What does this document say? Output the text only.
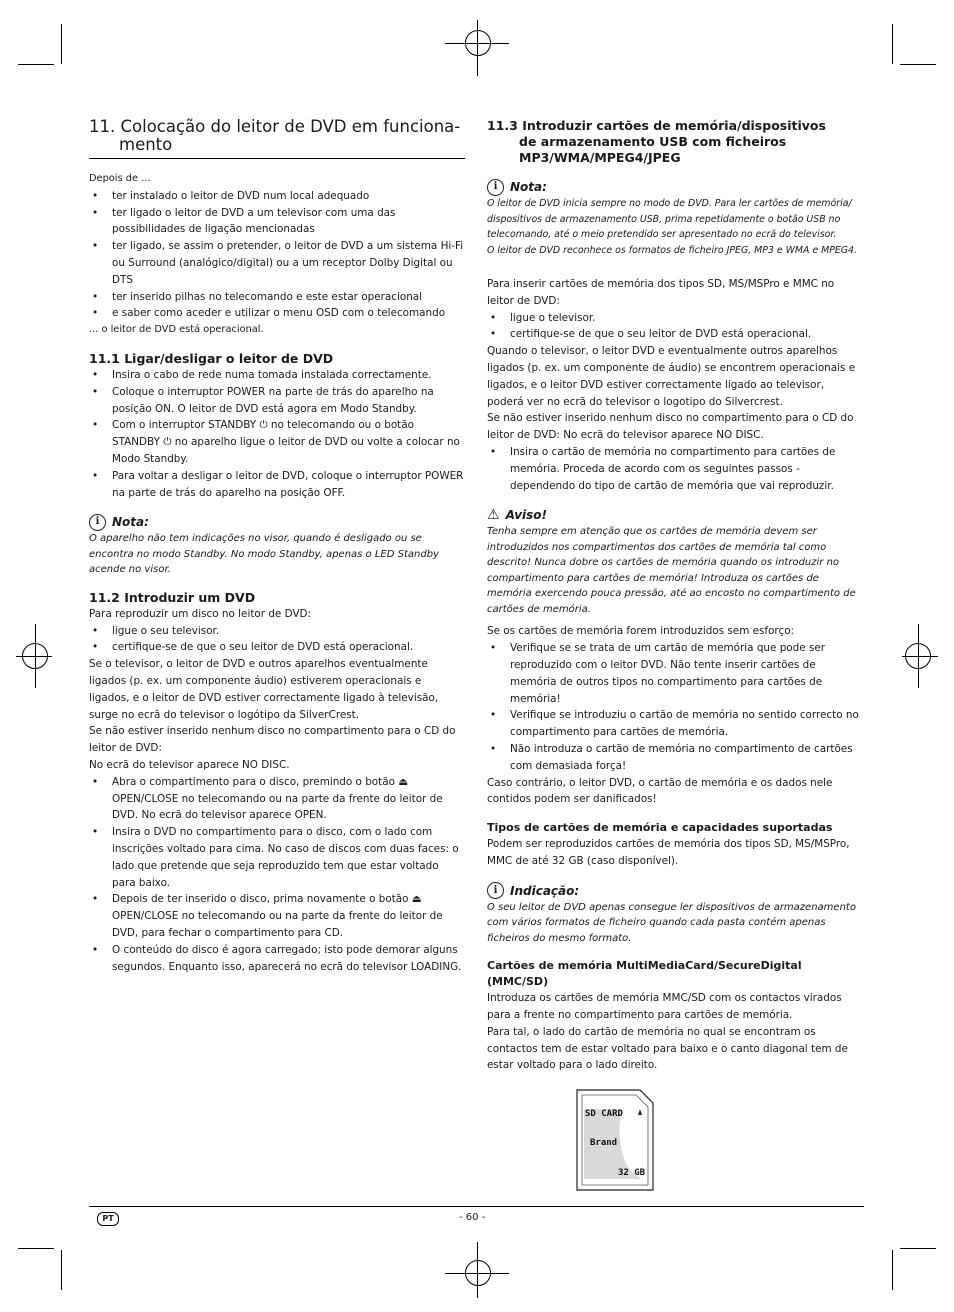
11. Colocação do leitor de DVD em funciona-
mento

Depois de ...

• ter instalado o leitor de DVD num local adequado
• ter ligado o leitor de DVD a um televisor com uma das possibilidades de ligação mencionadas
• ter ligado, se assim o pretender, o leitor de DVD a um sistema Hi-Fi ou Surround (analógico/digital) ou a um receptor Dolby Digital ou DTS
• ter inserido pilhas no telecomando e este estar operacional
• e saber como aceder e utilizar o menu OSD com o telecomando

... o leitor de DVD está operacional.

11.1 Ligar/desligar o leitor de DVD
• Insira o cabo de rede numa tomada instalada correctamente.
• Coloque o interruptor POWER na parte de trás do aparelho na posição ON. O leitor de DVD está agora em Modo Standby.
• Com o interruptor STANDBY ⏻ no telecomando ou o botão STANDBY ⏻ no aparelho ligue o leitor de DVD ou volte a colocar no Modo Standby.
• Para voltar a desligar o leitor de DVD, coloque o interruptor POWER na parte de trás do aparelho na posição OFF.
i	Nota:

O aparelho não tem indicações no visor, quando é desligado ou se encontra no modo Standby. No modo Standby, apenas o LED Standby acende no visor.

11.2 Introduzir um DVD

Para reproduzir um disco no leitor de DVD:

• ligue o seu televisor.
• certifique-se de que o seu leitor de DVD está operacional.

Se o televisor, o leitor de DVD e outros aparelhos eventualmente ligados (p. ex. um componente áudio) estiverem operacionais e ligados, e o leitor de DVD estiver correctamente ligado à televisão, surge no ecrã do televisor o logótipo da SilverCrest.

Se não estiver inserido nenhum disco no compartimento para o CD do leitor de DVD:

No ecrã do televisor aparece NO DISC.

• Abra o compartimento para o disco, premindo o botão ⏏ OPEN/CLOSE no telecomando ou na parte da frente do leitor de DVD. No ecrã do televisor aparece OPEN.
• Insira o DVD no compartimento para o disco, com o lado com inscrições voltado para cima. No caso de discos com duas faces: o lado que pretende que seja reproduzido tem que estar voltado para baixo.
• Depois de ter inserido o disco, prima novamente o botão ⏏ OPEN/CLOSE no telecomando ou na parte da frente do leitor de DVD, para fechar o compartimento para CD.
• O conteúdo do disco é agora carregado; isto pode demorar alguns segundos. Enquanto isso, aparecerá no ecrã do televisor LOADING.
11.3 Introduzir cartões de memória/dispositivos
de armazenamento USB com ficheiros
MP3/WMA/MPEG4/JPEG
i	Nota:

O leitor de DVD inicia sempre no modo de DVD. Para ler cartões de memória/ dispositivos de armazenamento USB, prima repetidamente o botão USB no telecomando, até o meio pretendido ser apresentado no ecrã do televisor.

O leitor de DVD reconhece os formatos de ficheiro JPEG, MP3 e WMA e MPEG4.

Para inserir cartões de memória dos tipos SD, MS/MSPro e MMC no leitor de DVD:

• ligue o televisor.
• certifique-se de que o seu leitor de DVD está operacional.

Quando o televisor, o leitor DVD e eventualmente outros aparelhos ligados (p. ex. um componente de áudio) se encontrem operacionais e ligados, e o leitor DVD estiver correctamente ligado ao televisor, poderá ver no ecrã do televisor o logotipo do Silvercrest.

Se não estiver inserido nenhum disco no compartimento para o CD do leitor de DVD: No ecrã do televisor aparece NO DISC.

• Insira o cartão de memória no compartimento para cartões de memória. Proceda de acordo com os seguintes passos - dependendo do tipo de cartão de memória que vai reproduzir.
⚠ Aviso!

Tenha sempre em atenção que os cartões de memória devem ser introduzidos nos compartimentos dos cartões de memória tal como descrito! Nunca dobre os cartões de memória quando os introduzir no compartimento para cartões de memória! Introduza os cartões de memória exercendo pouca pressão, até ao encosto no compartimento de cartões de memória.

Se os cartões de memória forem introduzidos sem esforço:

• Verifique se se trata de um cartão de memória que pode ser reproduzido com o leitor DVD. Não tente inserir cartões de memória de outros tipos no compartimento para cartões de memória!
• Verifique se introduziu o cartão de memória no sentido correcto no compartimento para cartões de memória.
• Não introduza o cartão de memória no compartimento de cartões com demasiada força!

Caso contrário, o leitor DVD, o cartão de memória e os dados nele contidos podem ser danificados!

Tipos de cartões de memória e capacidades suportadas

Podem ser reproduzidos cartões de memória dos tipos SD, MS/MSPro, MMC de até 32 GB (caso disponível).

i	Indicação:

O seu leitor de DVD apenas consegue ler dispositivos de armazenamento com vários formatos de ficheiro quando cada pasta contém apenas ficheiros do mesmo formato.

Cartões de memória MultiMediaCard/SecureDigital (MMC/SD)

Introduza os cartões de memória MMC/SD com os contactos virados para a frente no compartimento para cartões de memória.

Para tal, o lado do cartão de memória no qual se encontram os contactos tem de estar voltado para baixo e o canto diagonal tem de estar voltado para o lado direito.

SD CARD
Brand
32 GB
PT	- 60 -
